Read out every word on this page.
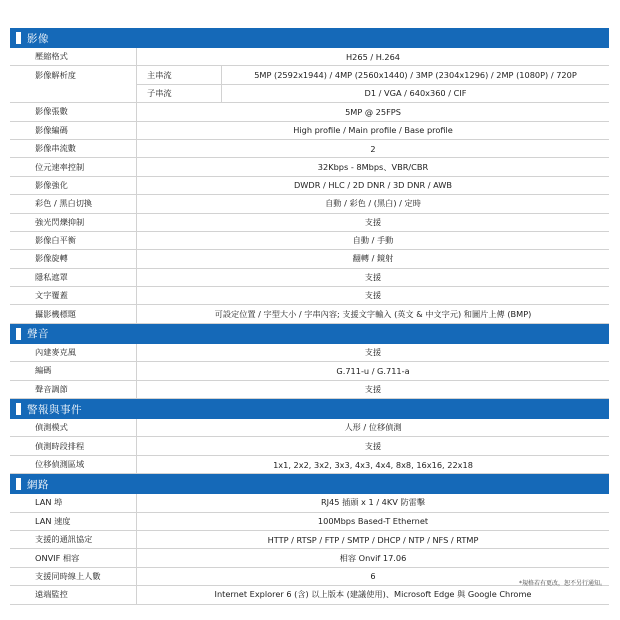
影像
壓縮格式	H265 / H.264
影像解析度	主串流	5MP (2592x1944) / 4MP (2560x1440) / 3MP (2304x1296) / 2MP (1080P) / 720P
子串流	D1 / VGA / 640x360 / CIF
影像張數	5MP @ 25FPS
影像編碼	High profile / Main profile / Base profile
影像串流數	2
位元速率控制	32Kbps - 8Mbps、VBR/CBR
影像強化	DWDR / HLC / 2D DNR / 3D DNR / AWB
彩色 / 黑白切換	自動 / 彩色 / (黑白) / 定時
強光閃爍抑制	支援
影像白平衡	自動 / 手動
影像旋轉	翻轉 / 鏡射
隱私遮罩	支援
文字覆蓋	支援
攝影機標題	可設定位置 / 字型大小 / 字串內容; 支援文字輸入 (英文 & 中文字元) 和圖片上傳 (BMP)
聲音
內建麥克風	支援
編碼	G.711-u / G.711-a
聲音調節	支援
警報與事件
偵測模式	人形 / 位移偵測
偵測時段排程	支援
位移偵測區域	1x1, 2x2, 3x2, 3x3, 4x3, 4x4, 8x8, 16x16, 22x18
網路
LAN 埠	RJ45 插頭 x 1 / 4KV 防雷擊
LAN 速度	100Mbps Based-T Ethernet
支援的通訊協定	HTTP / RTSP / FTP / SMTP / DHCP / NTP / NFS / RTMP
ONVIF 相容	相容 Onvif 17.06
支援同時線上人數	6
遠端監控	Internet Explorer 6 (含) 以上版本 (建議使用)、Microsoft Edge 與 Google Chrome
*規格若有更改，恕不另行通知。
